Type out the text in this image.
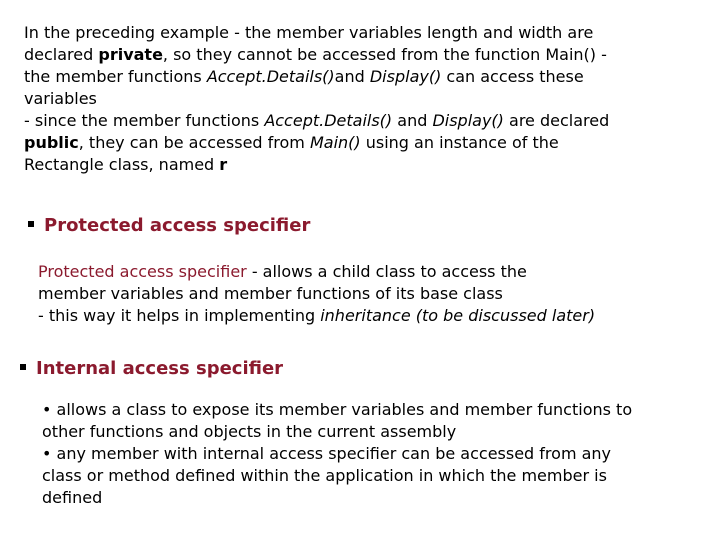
In the preceding example - the member variables length and width are
declared private, so they cannot be accessed from the function Main() -
the member functions Accept.Details()and Display() can access these
variables
- since the member functions Accept.Details() and Display() are declared
public, they can be accessed from Main() using an instance of the
Rectangle class, named r
Protected access specifier
Protected access specifier - allows a child class to access the
member variables and member functions of its base class
- this way it helps in implementing inheritance (to be discussed later)
Internal access specifier
• allows a class to expose its member variables and member functions to
other functions and objects in the current assembly
• any member with internal access specifier can be accessed from any
class or method defined within the application in which the member is
defined
